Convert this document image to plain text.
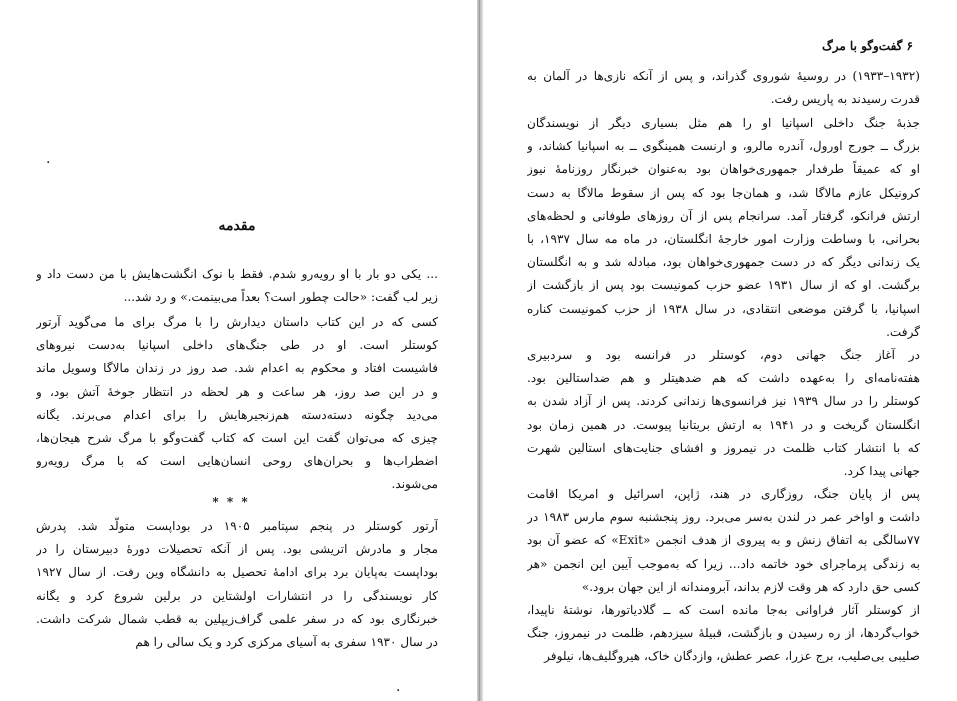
·
مقدمه
... یکی دو بار با او رویه‌رو شدم. فقط با نوک انگشت‌هایش با من دست داد و
زیر لب گفت: «حالت چطور است؟ بعداً می‌بینمت.» و رد شد...
کسی که در این کتاب داستان دیدارش را با مرگ برای ما می‌گوید آرتور
کوستلر است. او در طی جنگ‌های داخلی اسپانیا به‌دست نیروهای
فاشیست افتاد و محکوم به اعدام شد. صد روز در زندان مالاگا وسویل ماند
و در این صد روز، هر ساعت و هر لحظه در انتظار جوخهٔ آتش بود، و
می‌دید چگونه دسته‌دسته هم‌زنجیرهایش را برای اعدام می‌برند. یگانه
چیزی که می‌توان گفت این است که کتاب گفت‌وگو با مرگ شرح هیجان‌ها،
اضطراب‌ها و بحران‌های روحی انسان‌هایی است که با مرگ رویه‌رو
می‌شوند.
* * *
آرتور کوستلر در پنجم سپتامبر ۱۹۰۵ در بوداپست متولّد شد. پدرش
مجار و مادرش اتریشی بود. پس از آنکه تحصیلات دورهٔ دبیرستان را در
بوداپست به‌پایان برد برای ادامهٔ تحصیل به دانشگاه وین رفت. از سال ۱۹۲۷
کار نویسندگی را در انتشارات اولشتاین در برلین شروع کرد و یگانه
خبرنگاری بود که در سفر علمی گراف‌زیپلین به قطب شمال شرکت داشت.
در سال ۱۹۳۰ سفری به آسیای مرکزی کرد و یک سالی را هم
·
۶ گفت‌وگو با مرگ
(۱۹۳۲–۱۹۳۳) در روسیهٔ شوروی گذراند، و پس از آنکه نازی‌ها در آلمان به
قدرت رسیدند به پاریس رفت.
جذبهٔ جنگ داخلی اسپانیا او را هم مثل بسیاری دیگر از نویسندگان
بزرگ ــ جورج اورول، آندره مالرو، و ارنست همینگوی ــ به اسپانیا کشاند، و
او که عمیقاً طرفدار جمهوری‌خواهان بود به‌عنوان خبرنگار روزنامهٔ نیوز
کرونیکل عازم مالاگا شد، و همان‌جا بود که پس از سقوط مالاگا به دست
ارتش فرانکو، گرفتار آمد. سرانجام پس از آن روزهای طوفانی و لحظه‌های
بحرانی، با وساطت وزارت امور خارجهٔ انگلستان، در ماه مه سال ۱۹۳۷، با
یک زندانی دیگر که در دست جمهوری‌خواهان بود، مبادله شد و به انگلستان
برگشت. او که از سال ۱۹۳۱ عضو حزب کمونیست بود پس از بازگشت از
اسپانیا، با گرفتن موضعی انتقادی، در سال ۱۹۳۸ از حزب کمونیست کناره
گرفت.
در آغاز جنگ جهانی دوم، کوستلر در فرانسه بود و سردبیری
هفته‌نامه‌ای را به‌عهده داشت که هم ضدهیتلر و هم ضداستالین بود.
کوستلر را در سال ۱۹۳۹ نیز فرانسوی‌ها زندانی کردند. پس از آزاد شدن به
انگلستان گریخت و در ۱۹۴۱ به ارتش بریتانیا پیوست. در همین زمان بود
که با انتشار کتاب ظلمت در نیمروز و افشای جنایت‌های استالین شهرت
جهانی پیدا کرد.
پس از پایان جنگ، روزگاری در هند، ژاپن، اسرائیل و امریکا اقامت
داشت و اواخر عمر در لندن به‌سر می‌برد. روز پنجشنبه سوم مارس ۱۹۸۳ در
۷۷سالگی به اتفاق زنش و به پیروی از هدف انجمن «Exit» که عضو آن بود
به زندگی پرماجرای خود خاتمه داد... زیرا که به‌موجب آیین این انجمن «هر
کسی حق دارد که هر وقت لازم بداند، آبرومندانه از این جهان برود.»
از کوستلر آثار فراوانی به‌جا مانده است که ــ گلادیاتورها، نوشتهٔ ناپیدا،
خواب‌گردها، از ره رسیدن و بازگشت، قبیلهٔ سیزدهم، ظلمت در نیمروز، جنگ
صلیبی بی‌صلیب، برج عزرا، عصر عطش، وازدگان خاک، هیروگلیف‌ها، نیلوفر
